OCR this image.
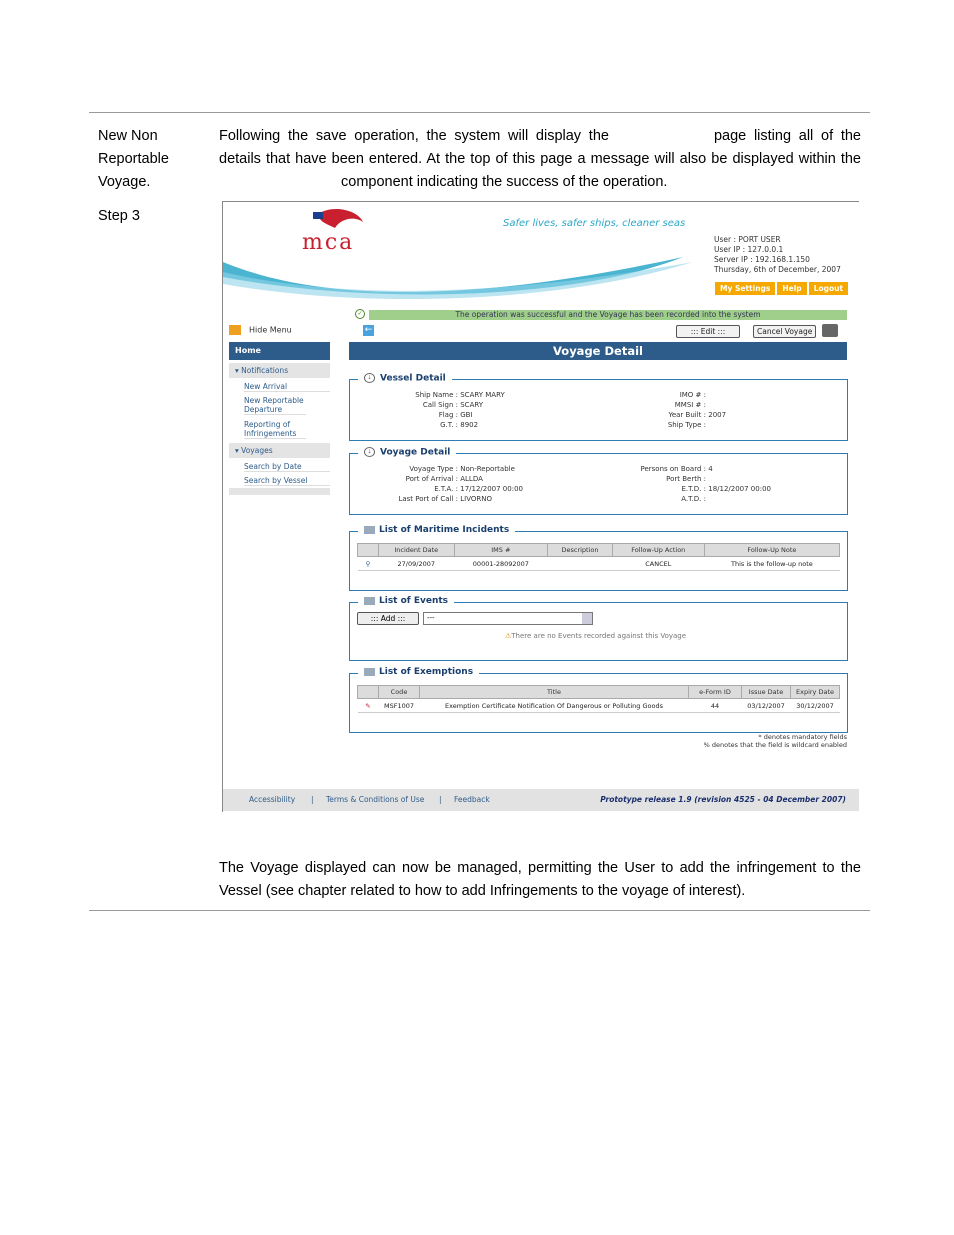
New Non
Reportable
Voyage.
Step 3
Following the save operation, the system will display the	page listing all of the details that have been entered. At the top of this page a message will also be displayed within thecomponent indicating the success of the operation.
mca
Safer lives, safer ships, cleaner seas
User : PORT USER
User IP : 127.0.0.1
Server IP : 192.168.1.150
Thursday, 6th of December, 2007
My Settings	Help	Logout
✓	The operation was successful and the Voyage has been recorded into the system
←	::: Edit :::	Cancel Voyage
Voyage Detail
Hide Menu
Home
▾ Notifications
New Arrival
New Reportable Departure
Reporting of Infringements
▾ Voyages
Search by Date
Search by Vessel
⇣ Vessel Detail
Ship Name : SCARY MARY
Call Sign : SCARY
Flag : GBI
G.T. : 8902
IMO # :
MMSI # :
Year Built : 2007
Ship Type :
⇣ Voyage Detail
Voyage Type : Non-Reportable
Port of Arrival : ALLDA
E.T.A. : 17/12/2007 00:00
Last Port of Call : LIVORNO
Persons on Board : 4
Port Berth :
E.T.D. : 18/12/2007 00:00
A.T.D. :
List of Maritime Incidents
	Incident Date	IMS #	Description	Follow-Up Action	Follow-Up Note
⚲	27/09/2007	00001-28092007		CANCEL	This is the follow-up note
List of Events
::: Add :::	---
⚠There are no Events recorded against this Voyage
List of Exemptions
	Code	Title	e-Form ID	Issue Date	Expiry Date
✎	MSF1007	Exemption Certificate Notification Of Dangerous or Polluting Goods	44	03/12/2007	30/12/2007
* denotes mandatory fields
% denotes that the field is wildcard enabled
Accessibility | Terms & Conditions of Use | Feedback	Prototype release 1.9 (revision 4525 - 04 December 2007)
The Voyage displayed can now be managed, permitting the User to add the infringement to the Vessel (see chapter related to how to add Infringements to the voyage of interest).
